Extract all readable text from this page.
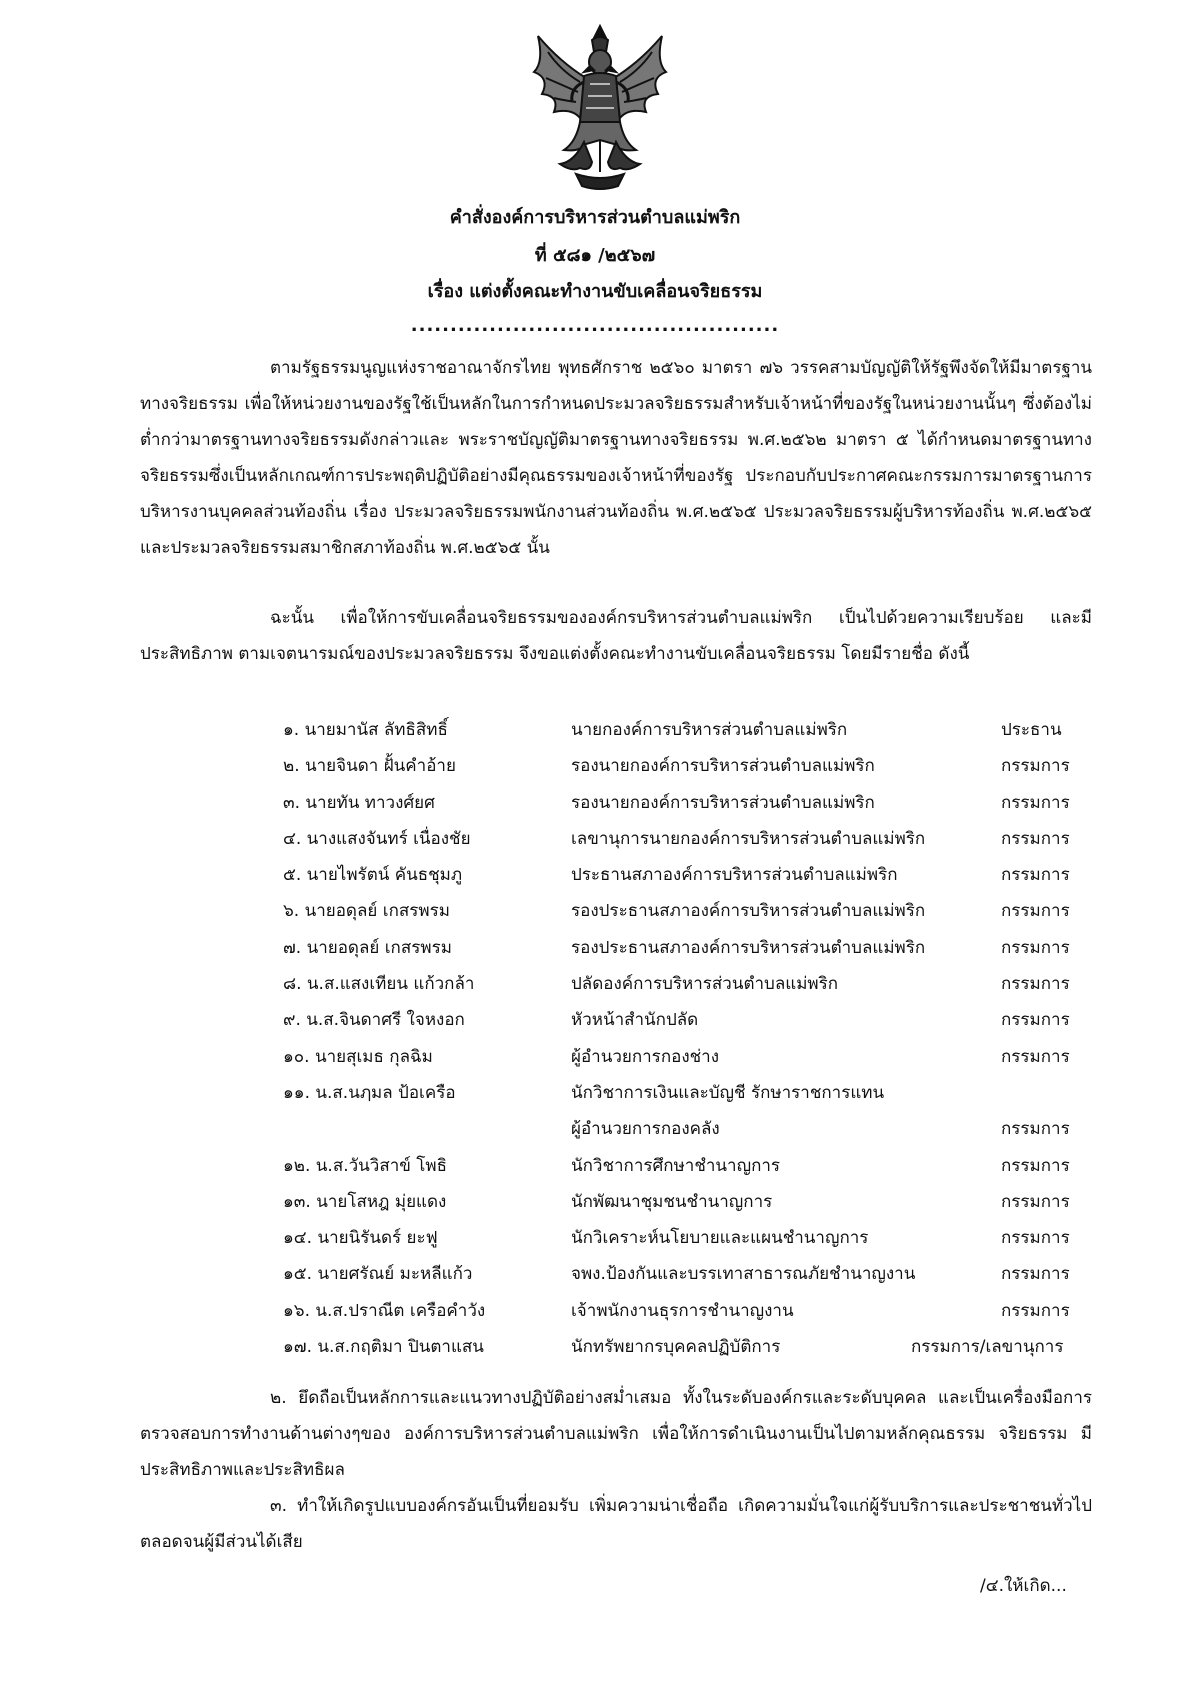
คำสั่งองค์การบริหารส่วนตำบลแม่พริก
ที่ ๕๘๑ /๒๕๖๗
เรื่อง แต่งตั้งคณะทำงานขับเคลื่อนจริยธรรม
...............................................

ตามรัฐธรรมนูญแห่งราชอาณาจักรไทย พุทธศักราช ๒๕๖๐ มาตรา ๗๖ วรรคสามบัญญัติให้รัฐพึงจัดให้มีมาตรฐานทางจริยธรรม เพื่อให้หน่วยงานของรัฐใช้เป็นหลักในการกำหนดประมวลจริยธรรมสำหรับเจ้าหน้าที่ของรัฐในหน่วยงานนั้นๆ ซึ่งต้องไม่ต่ำกว่ามาตรฐานทางจริยธรรมดังกล่าวและ พระราชบัญญัติมาตรฐานทางจริยธรรม พ.ศ.๒๕๖๒ มาตรา ๕ ได้กำหนดมาตรฐานทางจริยธรรมซึ่งเป็นหลักเกณฑ์การประพฤติปฏิบัติอย่างมีคุณธรรมของเจ้าหน้าที่ของรัฐ ประกอบกับประกาศคณะกรรมการมาตรฐานการบริหารงานบุคคลส่วนท้องถิ่น เรื่อง ประมวลจริยธรรมพนักงานส่วนท้องถิ่น พ.ศ.๒๕๖๕ ประมวลจริยธรรมผู้บริหารท้องถิ่น พ.ศ.๒๕๖๕ และประมวลจริยธรรมสมาชิกสภาท้องถิ่น พ.ศ.๒๕๖๕ นั้น

ฉะนั้น เพื่อให้การขับเคลื่อนจริยธรรมขององค์กรบริหารส่วนตำบลแม่พริก เป็นไปด้วยความเรียบร้อย และมีประสิทธิภาพ ตามเจตนารมณ์ของประมวลจริยธรรม จึงขอแต่งตั้งคณะทำงานขับเคลื่อนจริยธรรม โดยมีรายชื่อ ดังนี้

๑. นายมานัส ลัทธิสิทธิ์	นายกองค์การบริหารส่วนตำบลแม่พริก	ประธาน
๒. นายจินดา ฝั้นคำอ้าย	รองนายกองค์การบริหารส่วนตำบลแม่พริก	กรรมการ
๓. นายทัน ทาวงศ์ยศ	รองนายกองค์การบริหารส่วนตำบลแม่พริก	กรรมการ
๔. นางแสงจันทร์ เนื่องชัย	เลขานุการนายกองค์การบริหารส่วนตำบลแม่พริก	กรรมการ
๕. นายไพรัตน์ คันธชุมภู	ประธานสภาองค์การบริหารส่วนตำบลแม่พริก	กรรมการ
๖. นายอดุลย์ เกสรพรม	รองประธานสภาองค์การบริหารส่วนตำบลแม่พริก	กรรมการ
๗. นายอดุลย์ เกสรพรม	รองประธานสภาองค์การบริหารส่วนตำบลแม่พริก	กรรมการ
๘. น.ส.แสงเทียน แก้วกล้า	ปลัดองค์การบริหารส่วนตำบลแม่พริก	กรรมการ
๙. น.ส.จินดาศรี ใจหงอก	หัวหน้าสำนักปลัด	กรรมการ
๑๐. นายสุเมธ กุลฉิม	ผู้อำนวยการกองช่าง	กรรมการ
๑๑. น.ส.นฦมล ป้อเครือ	นักวิชาการเงินและบัญชี รักษาราชการแทน
ผู้อำนวยการกองคลัง	กรรมการ
๑๒. น.ส.วันวิสาข์ โพธิ	นักวิชาการศึกษาชำนาญการ	กรรมการ
๑๓. นายโสหฎ มุ่ยแดง	นักพัฒนาชุมชนชำนาญการ	กรรมการ
๑๔. นายนิรันดร์ ยะฟู	นักวิเคราะห์นโยบายและแผนชำนาญการ	กรรมการ
๑๕. นายศรัณย์ มะหลีแก้ว	จพง.ป้องกันและบรรเทาสาธารณภัยชำนาญงาน	กรรมการ
๑๖. น.ส.ปราณีต เครือคำวัง	เจ้าพนักงานธุรการชำนาญงาน	กรรมการ
๑๗. น.ส.กฤติมา ปินตาแสน	นักทรัพยากรบุคคลปฏิบัติการ	กรรมการ/เลขานุการ

๒. ยึดถือเป็นหลักการและแนวทางปฏิบัติอย่างสม่ำเสมอ ทั้งในระดับองค์กรและระดับบุคคล และเป็นเครื่องมือการตรวจสอบการทำงานด้านต่างๆของ องค์การบริหารส่วนตำบลแม่พริก เพื่อให้การดำเนินงานเป็นไปตามหลักคุณธรรม จริยธรรม มีประสิทธิภาพและประสิทธิผล

๓. ทำให้เกิดรูปแบบองค์กรอันเป็นที่ยอมรับ เพิ่มความน่าเชื่อถือ เกิดความมั่นใจแก่ผู้รับบริการและประชาชนทั่วไป ตลอดจนผู้มีส่วนได้เสีย

/๔.ให้เกิด...
